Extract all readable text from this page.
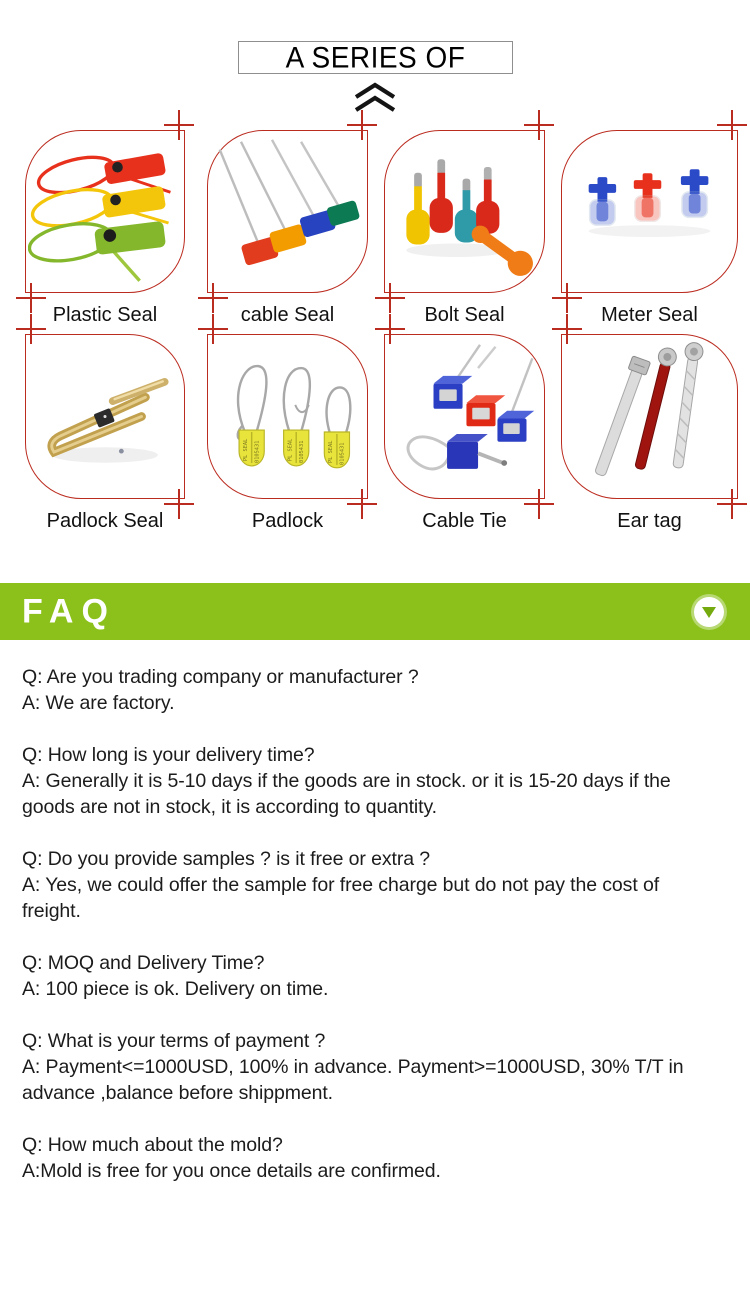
A SERIES OF
Plastic Seal	cable Seal	Bolt Seal	Meter Seal
Padlock Seal
PL SEAL 0105431	PL SEAL 0105431	PL SEAL 0105431
Padlock	Cable Tie	Ear tag
FAQ
Q: Are you trading company or manufacturer ?
A: We are factory.
Q: How long is your delivery time?
A: Generally it is 5-10 days if the goods are in stock. or it is 15-20 days if the goods are not in stock, it is according to quantity.
Q: Do you provide samples ? is it free or extra ?
A: Yes, we could offer the sample for free charge but do not pay the cost of freight.
Q: MOQ and Delivery Time?
A: 100 piece is ok. Delivery on time.
Q: What is your terms of payment ?
A: Payment<=1000USD, 100% in advance. Payment>=1000USD, 30% T/T in advance ,balance before shippment.
Q: How much about the mold?
A:Mold is free for you once details are confirmed.
